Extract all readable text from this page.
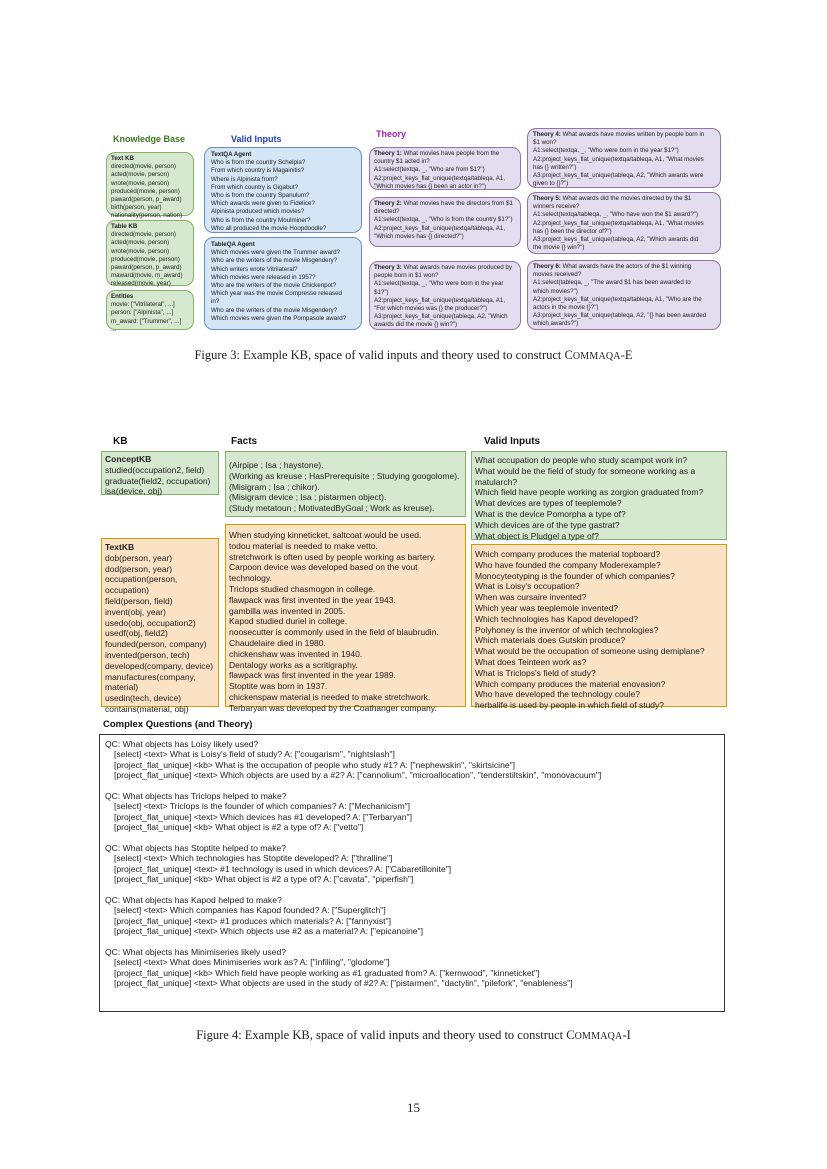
Knowledge Base	Valid Inputs	Theory
Text KB
directed(movie, person)
acted(movie, person)
wrote(movie, person)
produced(movie, person)
paward(person, p_award)
birth(person, year)
nationality(person, nation)
Table KB
directed(movie, person)
acted(movie, person)
wrote(movie, person)
produced(movie, person)
paward(person, p_award)
maward(movie, m_award)
released(movie, year)
Entities
movie: ["Vitrilateral", ...]
person: ["Alpinista", ...]
m_award: ["Trummer", ...]
...
TextQA Agent
Who is from the country Schelpla?
From which country is Magainitis?
Where is Alpinista from?
From which country is Gigabut?
Who is from the country Spanulum?
Which awards were given to Fidelice?
Alpinista produced which movies?
Who is from the country Moulminer?
Who all produced the movie Hoopdoodle?
TableQA Agent
Which movies were given the Trummer award?
Who are the writers of the movie Misgendery?
Which writers wrote Vitrilateral?
Which movies were released in 1957?
Who are the writers of the movie Chickenpot?
Which year was the movie Compresse released
in?
Who are the writers of the movie Misgendery?
Which movies were given the Pompasole award?
Theory 1: What movies have people from the
country $1 acted in?
A1:select(textqa, _, "Who are from $1?")
A2:project_keys_flat_unique(textqa/tableqa, A1,
"Which movies has {} been an actor in?")
Theory 2: What movies have the directors from $1
directed?
A1:select(textqa, _, "Who is from the country $1?")
A2:project_keys_flat_unique(textqa/tableqa, A1,
"Which movies has {} directed?")
Theory 3: What awards have movies produced by
people born in $1 won?
A1:select(textqa, _, "Who were born in the year
$1?")
A2:project_keys_flat_unique(textqa/tableqa, A1,
"For which movies was {} the producer?")
A3:project_keys_flat_unique(tableqa, A2, "Which
awards did the movie {} win?")
Theory 4: What awards have movies written by people born in
$1 won?
A1:select(textqa, _, "Who were born in the year $1?")
A2:project_keys_flat_unique(textqa/tableqa, A1, "What movies
has {} written?")
A3:project_keys_flat_unique(tableqa, A2, "Which awards were
given to {}?")
Theory 5: What awards did the movies directed by the $1
winners receive?
A1:select(textqa/tableqa, _, "Who have won the $1 award?")
A2:project_keys_flat_unique(textqa/tableqa, A1, "What movies
has {} been the director of?")
A3:project_keys_flat_unique(tableqa, A2, "Which awards did
the movie {} win?")
Theory 6: What awards have the actors of the $1 winning
movies received?
A1:select(tableqa, _, "The award $1 has been awarded to
which movies?")
A2:project_keys_flat_unique(textqa/tableqa, A1, "Who are the
actors in the movie {}?")
A3:project_keys_flat_unique(tableqa, A2, "{} has been awarded
which awards?")
Figure 3: Example KB, space of valid inputs and theory used to construct COMMAQA-E
KB	Facts	Valid Inputs
ConceptKB
studied(occupation2, field)
graduate(field2, occupation)
isa(device, obj)
(Airpipe ; Isa ; haystone).
(Working as kreuse ; HasPrerequisite ; Studying googolome).
(Misigram ; Isa ; chikor).
(Misigram device ; Isa ; pistarmen object).
(Study metatoun ; MotivatedByGoal ; Work as kreuse).
What occupation do people who study scampot work in?
What would be the field of study for someone working as a
matularch?
Which field have people working as zorgion graduated from?
What devices are types of teeplemole?
What is the device Pomorpha a type of?
Which devices are of the type gastrat?
What object is Pludgel a type of?
TextKB
dob(person, year)
dod(person, year)
occupation(person,
occupation)
field(person, field)
invent(obj, year)
usedo(obj, occupation2)
usedf(obj, field2)
founded(person, company)
invented(person, tech)
developed(company, device)
manufactures(company,
material)
usedin(tech, device)
contains(material, obj)
When studying kinneticket, saltcoat would be used.
todou material is needed to make vetto.
stretchwork is often used by people working as bartery.
Carpoon device was developed based on the vout
technology.
Triclops studied chasmogon in college.
flawpack was first invented in the year 1943.
gambilla was invented in 2005.
Kapod studied duriel in college.
noosecutter is commonly used in the field of blaubrudin.
Chaudelaire died in 1980.
chickenshaw was invented in 1940.
Dentalogy works as a scritigraphy.
flawpack was first invented in the year 1989.
Stoptite was born in 1937.
chickenspaw material is needed to make stretchwork.
Terbaryan was developed by the Coathanger company.
Which company produces the material topboard?
Who have founded the company Moderexample?
Monocyteotyping is the founder of which companies?
What is Loisy's occupation?
When was cursaire invented?
Which year was teeplemole invented?
Which technologies has Kapod developed?
Polyhoney is the inventor of which technologies?
Which materials does Gutskin produce?
What would be the occupation of someone using demiplane?
What does Teinteen work as?
What is Triclops's field of study?
Which company produces the material enovasion?
Who have developed the technology coule?
herbalife is used by people in which field of study?
Complex Questions (and Theory)
QC: What objects has Loisy likely used?
[select] <text> What is Loisy's field of study? A: ["cougarism", "nightslash"]
[project_flat_unique] <kb> What is the occupation of people who study #1? A: ["nephewskin", "skirtsicine"]
[project_flat_unique] <text> Which objects are used by a #2? A: ["cannolium", "microallocation", "tenderstiltskin", "monovacuum"]
QC: What objects has Triclops helped to make?
[select] <text> Triclops is the founder of which companies? A: ["Mechanicism"]
[project_flat_unique] <text> Which devices has #1 developed? A: ["Terbaryan"]
[project_flat_unique] <kb> What object is #2 a type of? A: ["vetto"]
QC: What objects has Stoptite helped to make?
[select] <text> Which technologies has Stoptite developed? A: ["thralline"]
[project_flat_unique] <text> #1 technology is used in which devices? A: ["Cabaretillonite"]
[project_flat_unique] <kb> What object is #2 a type of? A: ["cavata", "piperfish"]
QC: What objects has Kapod helped to make?
[select] <text> Which companies has Kapod founded? A: ["Superglitch"]
[project_flat_unique] <text> #1 produces which materials? A: ["fannyxist"]
[project_flat_unique] <text> Which objects use #2 as a material? A: ["epicanoine"]
QC: What objects has Minimiseries likely used?
[select] <text> What does Minimiseries work as? A: ["infiling", "glodome"]
[project_flat_unique] <kb> Which field have people working as #1 graduated from? A: ["kernwood", "kinneticket"]
[project_flat_unique] <text> What objects are used in the study of #2? A: ["pistarmen", "dactylin", "pilefork", "enableness"]
Figure 4: Example KB, space of valid inputs and theory used to construct COMMAQA-I
15
